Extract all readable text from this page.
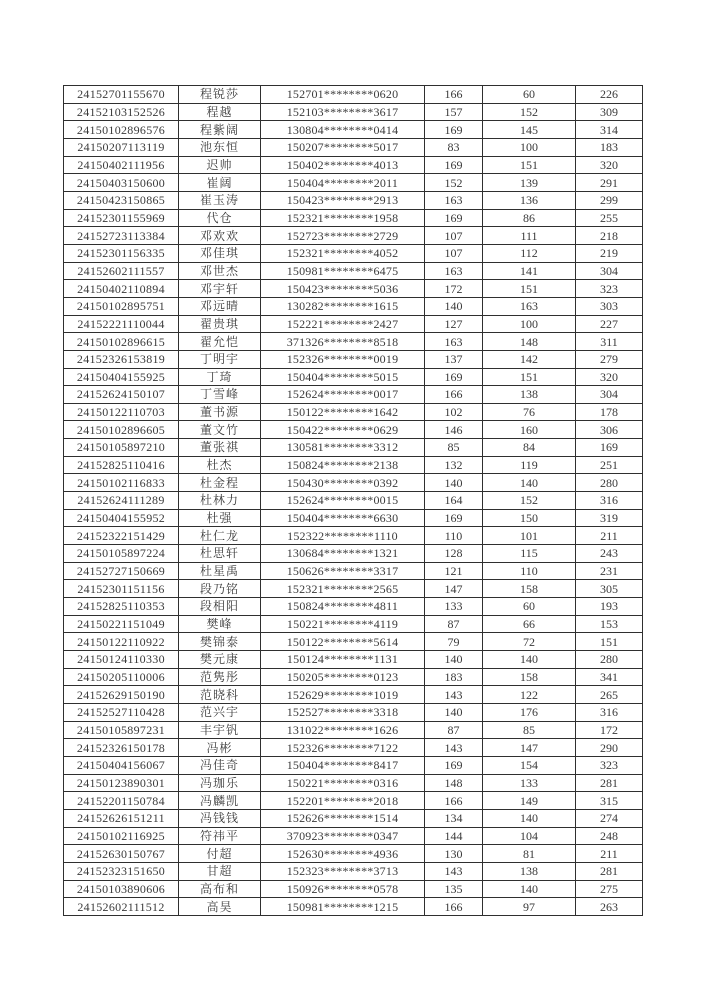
24152701155670	程锐莎	152701********0620	166	60	226
24152103152526	程越	152103********3617	157	152	309
24150102896576	程紫阔	130804********0414	169	145	314
24150207113119	池东恒	150207********5017	83	100	183
24150402111956	迟帅	150402********4013	169	151	320
24150403150600	崔阔	150404********2011	152	139	291
24150423150865	崔玉涛	150423********2913	163	136	299
24152301155969	代仓	152321********1958	169	86	255
24152723113384	邓欢欢	152723********2729	107	111	218
24152301156335	邓佳琪	152321********4052	107	112	219
24152602111557	邓世杰	150981********6475	163	141	304
24150402110894	邓宇轩	150423********5036	172	151	323
24150102895751	邓远晴	130282********1615	140	163	303
24152221110044	翟贵琪	152221********2427	127	100	227
24150102896615	翟允恺	371326********8518	163	148	311
24152326153819	丁明宇	152326********0019	137	142	279
24150404155925	丁琦	150404********5015	169	151	320
24152624150107	丁雪峰	152624********0017	166	138	304
24150122110703	董书源	150122********1642	102	76	178
24150102896605	董文竹	150422********0629	146	160	306
24150105897210	董张祺	130581********3312	85	84	169
24152825110416	杜杰	150824********2138	132	119	251
24150102116833	杜金程	150430********0392	140	140	280
24152624111289	杜林力	152624********0015	164	152	316
24150404155952	杜强	150404********6630	169	150	319
24152322151429	杜仁龙	152322********1110	110	101	211
24150105897224	杜思轩	130684********1321	128	115	243
24152727150669	杜星禹	150626********3317	121	110	231
24152301151156	段乃铭	152321********2565	147	158	305
24152825110353	段相阳	150824********4811	133	60	193
24150221151049	樊峰	150221********4119	87	66	153
24150122110922	樊锦泰	150122********5614	79	72	151
24150124110330	樊元康	150124********1131	140	140	280
24150205110006	范隽彤	150205********0123	183	158	341
24152629150190	范晓科	152629********1019	143	122	265
24152527110428	范兴宇	152527********3318	140	176	316
24150105897231	丰宇钒	131022********1626	87	85	172
24152326150178	冯彬	152326********7122	143	147	290
24150404156067	冯佳奇	150404********8417	169	154	323
24150123890301	冯珈乐	150221********0316	148	133	281
24152201150784	冯麟凯	152201********2018	166	149	315
24152626151211	冯钱钱	152626********1514	134	140	274
24150102116925	符祎平	370923********0347	144	104	248
24152630150767	付超	152630********4936	130	81	211
24152323151650	甘超	152323********3713	143	138	281
24150103890606	高布和	150926********0578	135	140	275
24152602111512	高昊	150981********1215	166	97	263
